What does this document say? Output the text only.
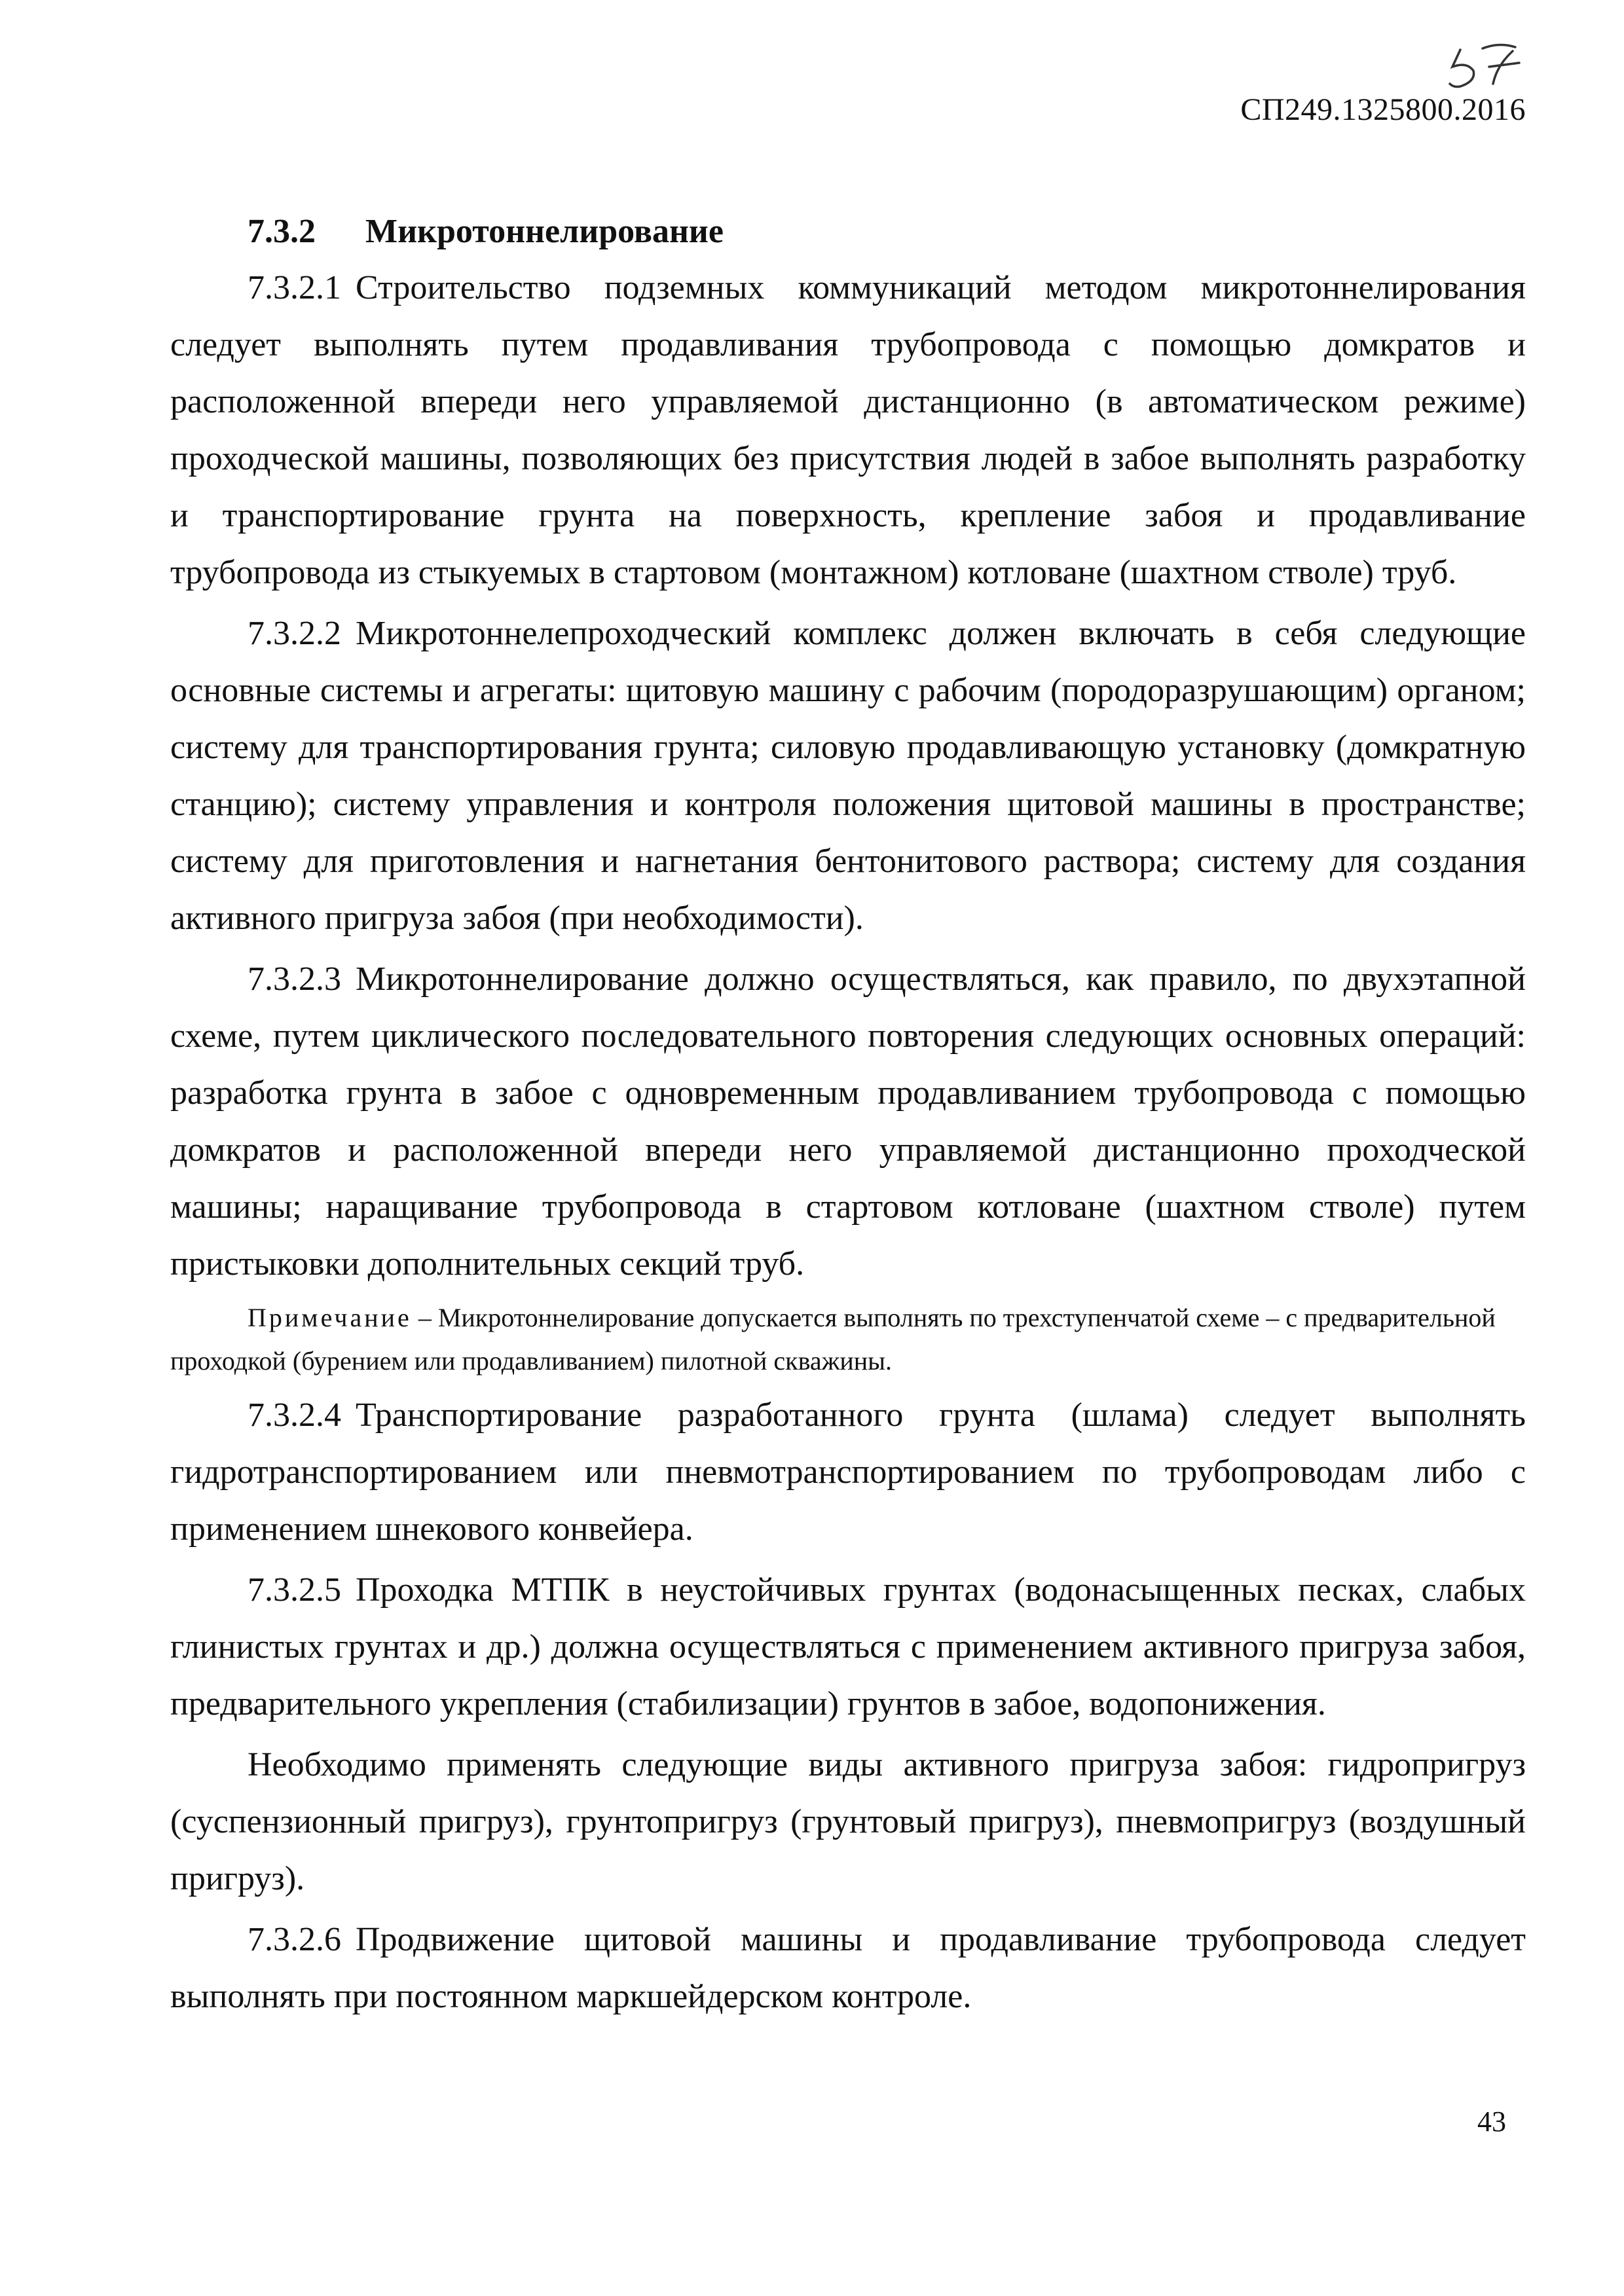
СП249.1325800.2016
7.3.2	Микротоннелирование

7.3.2.1 Строительство подземных коммуникаций методом микротоннелирования следует выполнять путем продавливания трубопровода с помощью домкратов и расположенной впереди него управляемой дистанционно (в автоматическом режиме) проходческой машины, позволяющих без присутствия людей в забое выполнять разработку и транспортирование грунта на поверхность, крепление забоя и продавливание трубопровода из стыкуемых в стартовом (монтажном) котловане (шахтном стволе) труб.

7.3.2.2 Микротоннелепроходческий комплекс должен включать в себя следующие основные системы и агрегаты: щитовую машину с рабочим (породоразрушающим) органом; систему для транспортирования грунта; силовую продавливающую установку (домкратную станцию); систему управления и контроля положения щитовой машины в пространстве; систему для приготовления и нагнетания бентонитового раствора; систему для создания активного пригруза забоя (при необходимости).

7.3.2.3 Микротоннелирование должно осуществляться, как правило, по двухэтапной схеме, путем циклического последовательного повторения следующих основных операций: разработка грунта в забое с одновременным продавливанием трубопровода с помощью домкратов и расположенной впереди него управляемой дистанционно проходческой машины; наращивание трубопровода в стартовом котловане (шахтном стволе) путем пристыковки дополнительных секций труб.

Примечание – Микротоннелирование допускается выполнять по трехступенчатой схеме – с предварительной проходкой (бурением или продавливанием) пилотной скважины.

7.3.2.4 Транспортирование разработанного грунта (шлама) следует выполнять гидротранспортированием или пневмотранспортированием по трубопроводам либо с применением шнекового конвейера.

7.3.2.5 Проходка МТПК в неустойчивых грунтах (водонасыщенных песках, слабых глинистых грунтах и др.) должна осуществляться с применением активного пригруза забоя, предварительного укрепления (стабилизации) грунтов в забое, водопонижения.

Необходимо применять следующие виды активного пригруза забоя: гидропригруз (суспензионный пригруз), грунтопригруз (грунтовый пригруз), пневмопригруз (воздушный пригруз).

7.3.2.6 Продвижение щитовой машины и продавливание трубопровода следует выполнять при постоянном маркшейдерском контроле.

43
